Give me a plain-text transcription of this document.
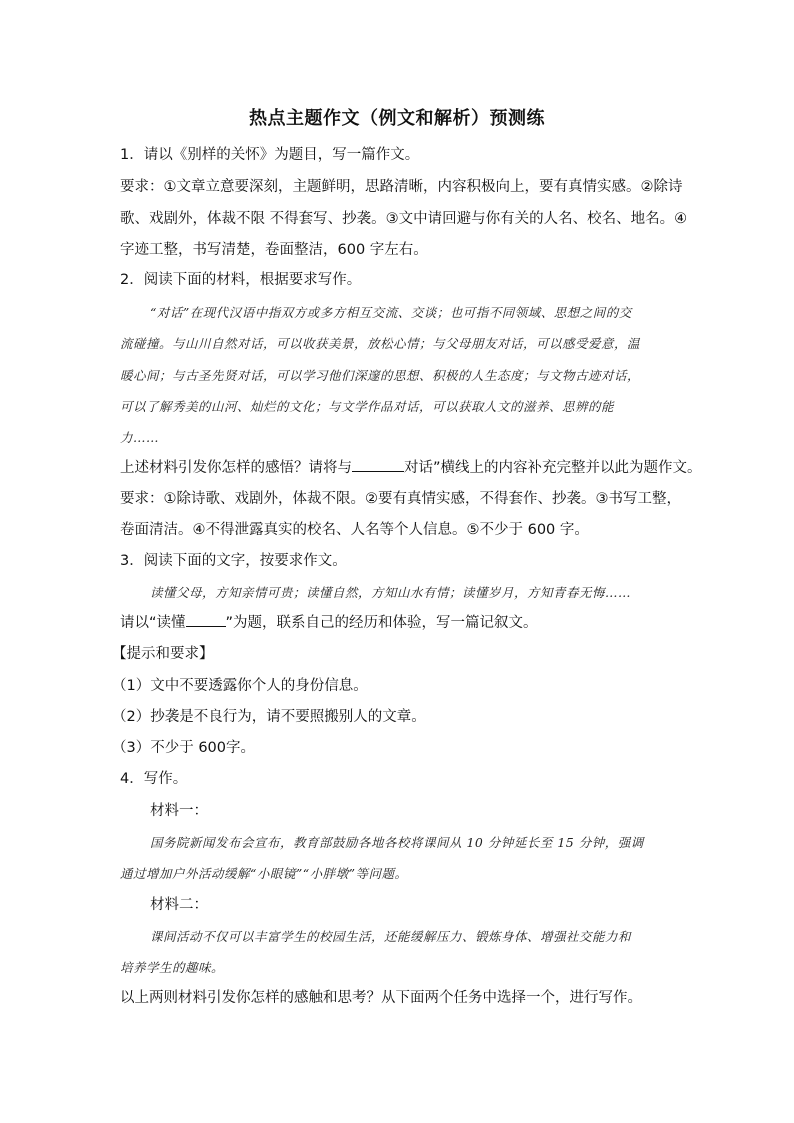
热点主题作文（例文和解析）预测练
1．请以《别样的关怀》为题目，写一篇作文。
要求：①文章立意要深刻，主题鲜明，思路清晰，内容积极向上，要有真情实感。②除诗
歌、戏剧外，体裁不限 不得套写、抄袭。③文中请回避与你有关的人名、校名、地名。④
字迹工整，书写清楚，卷面整洁，600 字左右。
2．阅读下面的材料，根据要求写作。
“对话”在现代汉语中指双方或多方相互交流、交谈；也可指不同领域、思想之间的交
流碰撞。与山川自然对话，可以收获美景，放松心情；与父母朋友对话，可以感受爱意，温
暖心间；与古圣先贤对话，可以学习他们深邃的思想、积极的人生态度；与文物古迹对话，
可以了解秀美的山河、灿烂的文化；与文学作品对话，可以获取人文的滋养、思辨的能
力……
上述材料引发你怎样的感悟？请将与	对话”横线上的内容补充完整并以此为题作文。
要求：①除诗歌、戏剧外，体裁不限。②要有真情实感，不得套作、抄袭。③书写工整，
卷面清洁。④不得泄露真实的校名、人名等个人信息。⑤不少于 600 字。
3．阅读下面的文字，按要求作文。
读懂父母，方知亲情可贵；读懂自然，方知山水有情；读懂岁月，方知青春无悔……
请以“读懂	”为题，联系自己的经历和体验，写一篇记叙文。
【提示和要求】
（1）文中不要透露你个人的身份信息。
（2）抄袭是不良行为，请不要照搬别人的文章。
（3）不少于 600字。
4．写作。
材料一：
国务院新闻发布会宣布，教育部鼓励各地各校将课间从 10 分钟延长至 15 分钟，强调
通过增加户外活动缓解“小眼镜”“小胖墩”等问题。
材料二：
课间活动不仅可以丰富学生的校园生活，还能缓解压力、锻炼身体、增强社交能力和
培养学生的趣味。
以上两则材料引发你怎样的感触和思考？从下面两个任务中选择一个，进行写作。
